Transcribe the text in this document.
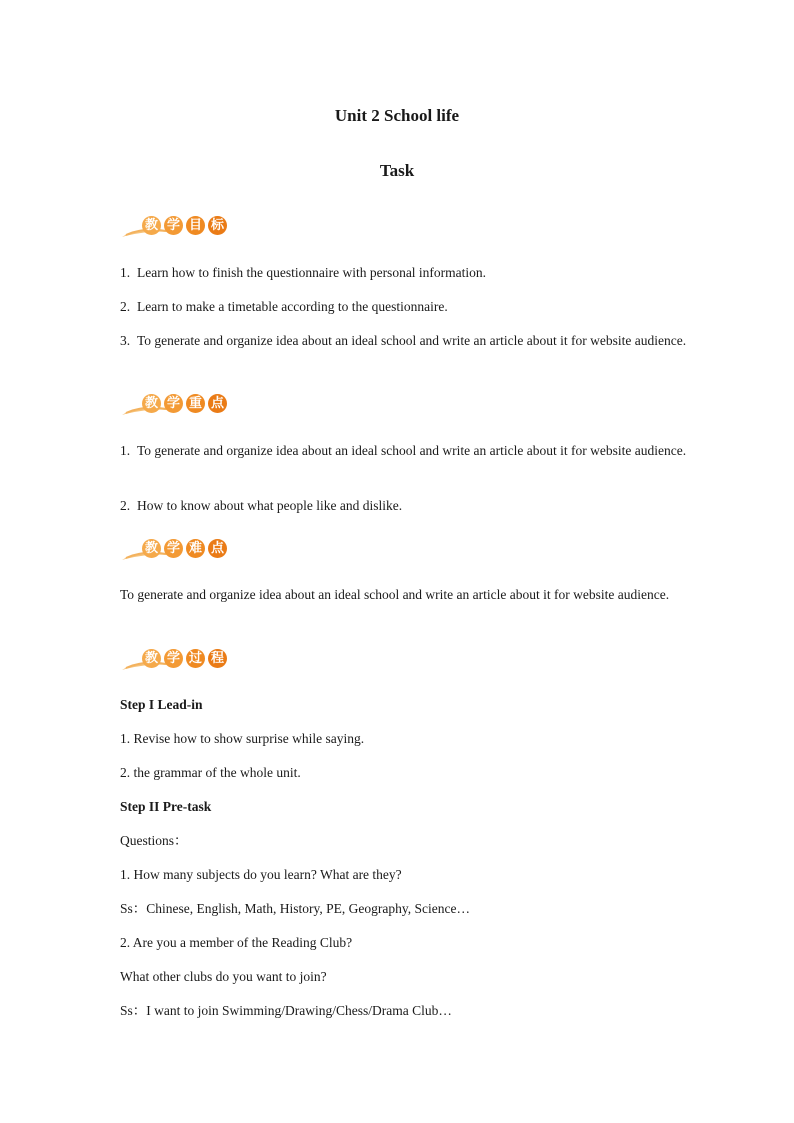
Unit 2 School life
Task
教 学 目 标
1. Learn how to finish the questionnaire with personal information.
2. Learn to make a timetable according to the questionnaire.
3. To generate and organize idea about an ideal school and write an article about it for website audience.
教 学 重 点
1. To generate and organize idea about an ideal school and write an article about it for website audience.
2. How to know about what people like and dislike.
教 学 难 点
To generate and organize idea about an ideal school and write an article about it for website audience.
教 学 过 程
Step I Lead-in
1. Revise how to show surprise while saying.
2. the grammar of the whole unit.
Step II Pre-task
Questions：
1. How many subjects do you learn? What are they?
Ss：Chinese, English, Math, History, PE, Geography, Science…
2. Are you a member of the Reading Club?
What other clubs do you want to join?
Ss：I want to join Swimming/Drawing/Chess/Drama Club…
